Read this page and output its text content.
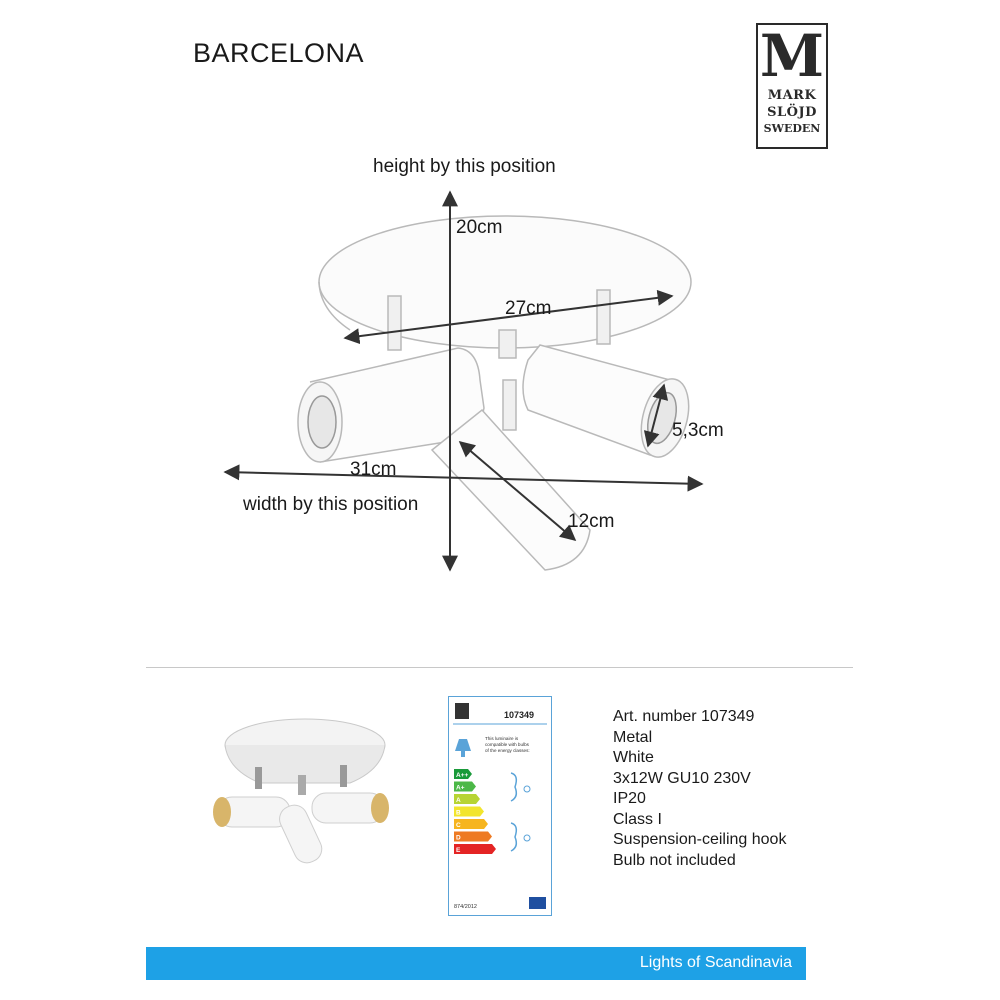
BARCELONA	M
MARK
SLÖJD
SWEDEN
height by this position
20cm
27cm
5,3cm
31cm
width by this position
12cm
107349
This luminaire is
compatible with bulbs
of the energy classes:
A++
A+
A
B
C
D
E
874/2012
Art. number 107349
Metal
White
3x12W GU10 230V
IP20
Class I
Suspension-ceiling hook
Bulb not included
Lights of Scandinavia
